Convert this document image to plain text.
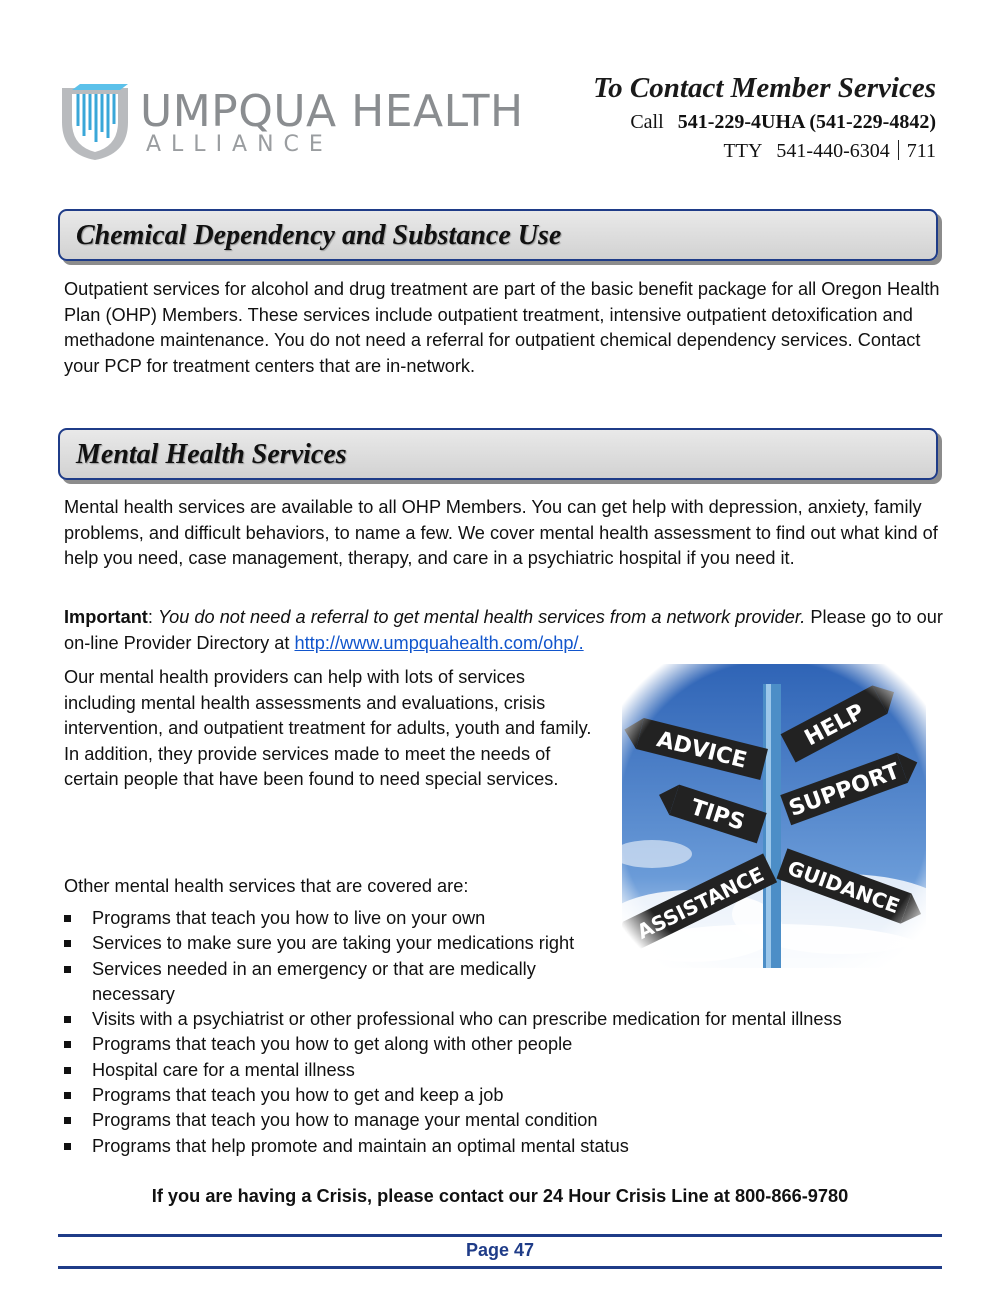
UMPQUA HEALTH
ALLIANCE
To Contact Member Services
Call 541-229-4UHA (541-229-4842)
TTY 541-440-6304 711
Chemical Dependency and Substance Use
Outpatient services for alcohol and drug treatment are part of the basic benefit package for all Oregon Health Plan (OHP) Members. These services include outpatient treatment, intensive outpatient detoxification and methadone maintenance. You do not need a referral for outpatient chemical dependency services. Contact your PCP for treatment centers that are in-network.
Mental Health Services
Mental health services are available to all OHP Members. You can get help with depression, anxiety, family problems, and difficult behaviors, to name a few. We cover mental health assessment to find out what kind of help you need, case management, therapy, and care in a psychiatric hospital if you need it.
Important: You do not need a referral to get mental health services from a network provider. Please go to our on-line Provider Directory at http://www.umpquahealth.com/ohp/.
Our mental health providers can help with lots of services including mental health assessments and evaluations, crisis intervention, and outpatient treatment for adults, youth and family. In addition, they provide services made to meet the needs of certain people that have been found to need special services.
Other mental health services that are covered are:
Programs that teach you how to live on your own
Services to make sure you are taking your medications right
Services needed in an emergency or that are medically necessary
Visits with a psychiatrist or other professional who can prescribe medication for mental illness
Programs that teach you how to get along with other people
Hospital care for a mental illness
Programs that teach you how to get and keep a job
Programs that teach you how to manage your mental condition
Programs that help promote and maintain an optimal mental status
If you are having a Crisis, please contact our 24 Hour Crisis Line at 800-866-9780
Page 47
